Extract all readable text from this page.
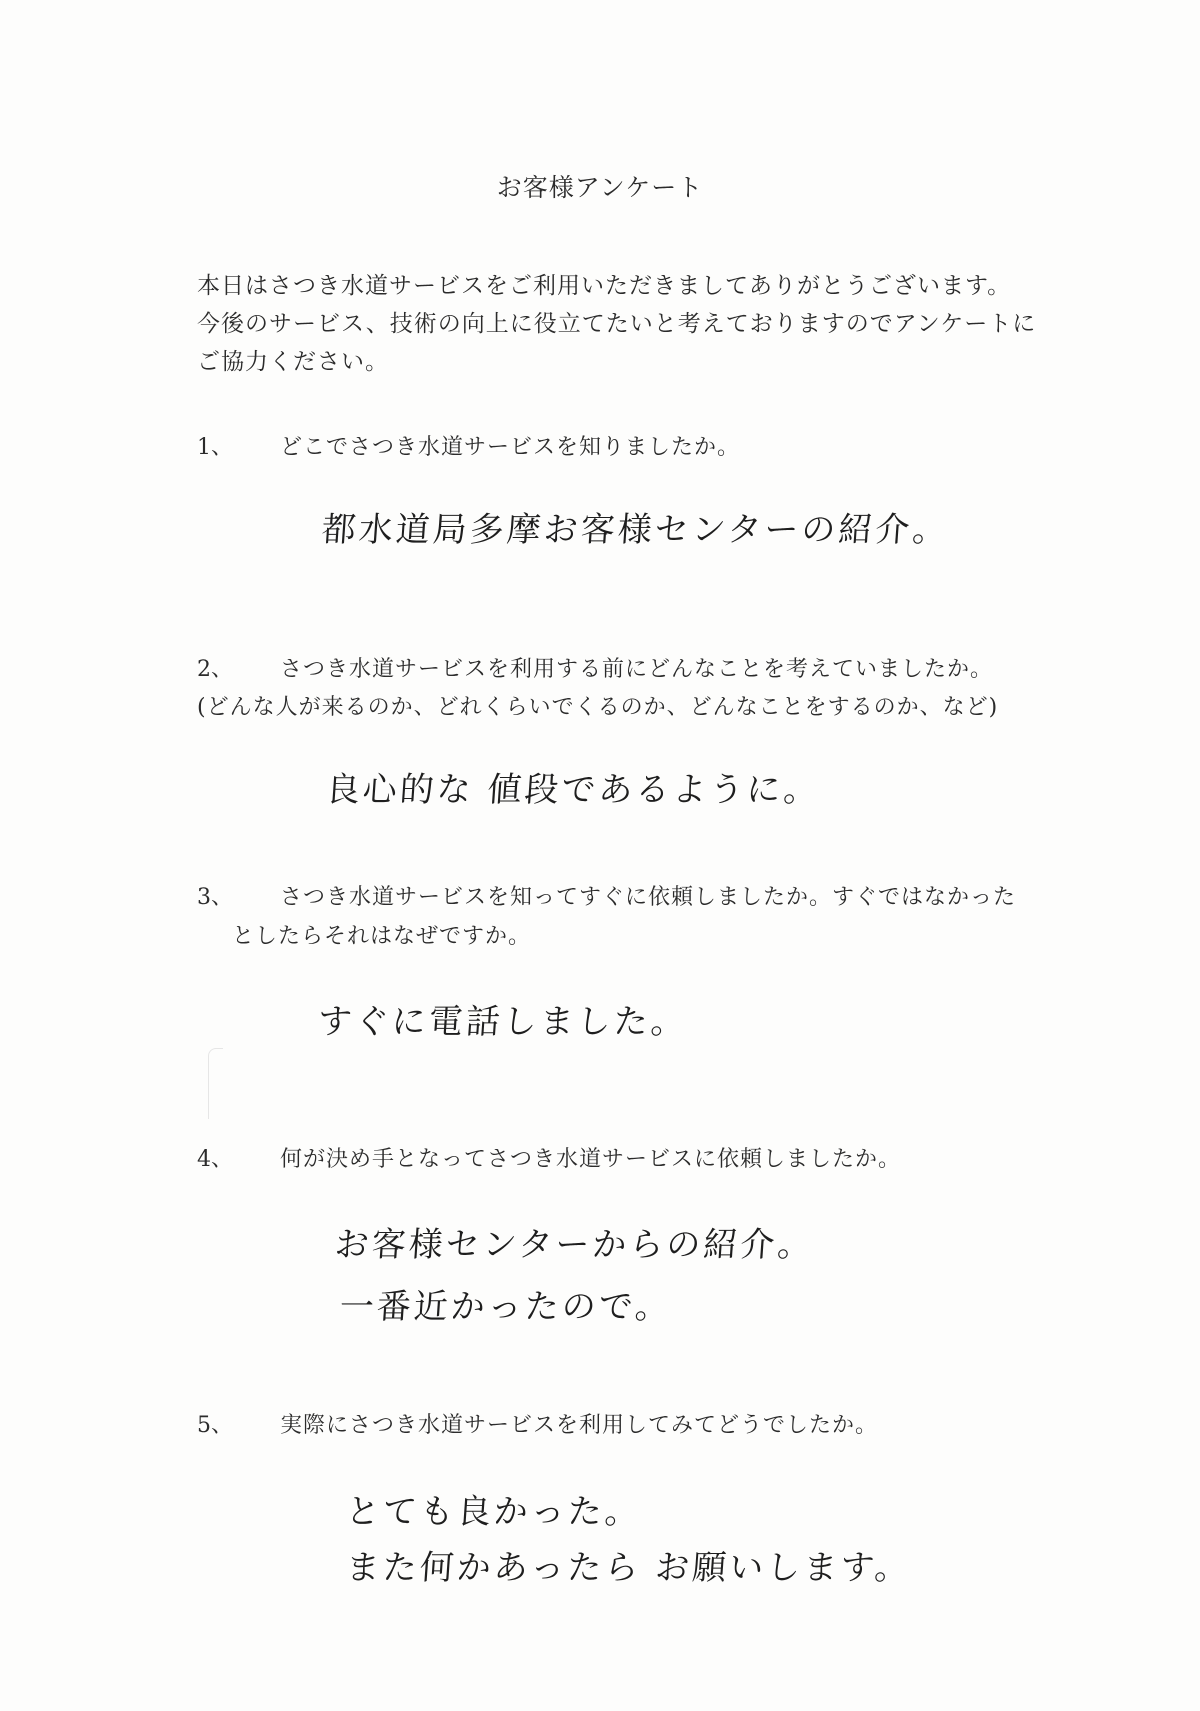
お客様アンケート
本日はさつき水道サービスをご利用いただきましてありがとうございます。
今後のサービス、技術の向上に役立てたいと考えておりますのでアンケートに
ご協力ください。
1、 どこでさつき水道サービスを知りましたか。
都水道局多摩お客様センターの紹介。
2、 さつき水道サービスを利用する前にどんなことを考えていましたか。
(どんな人が来るのか、どれくらいでくるのか、どんなことをするのか、など)
良心的な 値段であるように。
3、 さつき水道サービスを知ってすぐに依頼しましたか。すぐではなかった
としたらそれはなぜですか。
すぐに電話しました。
4、 何が決め手となってさつき水道サービスに依頼しましたか。
お客様センターからの紹介。
一番近かったので。
5、 実際にさつき水道サービスを利用してみてどうでしたか。
とても良かった。
また何かあったら お願いします。
